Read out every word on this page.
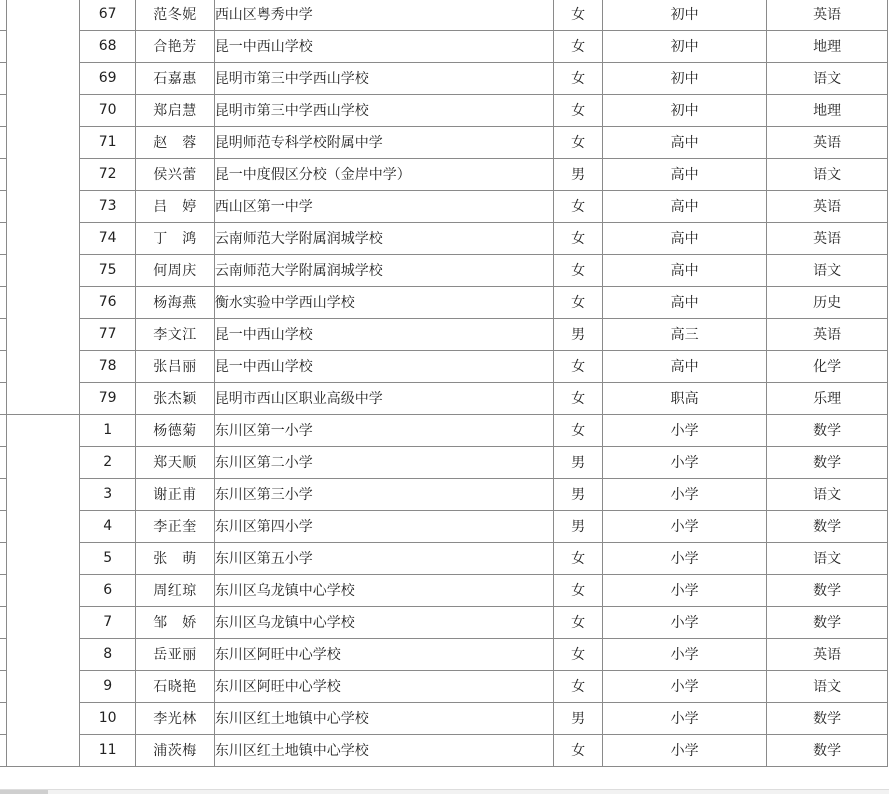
		67	范冬妮	西山区粤秀中学	女	初中	英语
		68	合艳芳	昆一中西山学校	女	初中	地理
		69	石嘉惠	昆明市第三中学西山学校	女	初中	语文
		70	郑启慧	昆明市第三中学西山学校	女	初中	地理
		71	赵　蓉	昆明师范专科学校附属中学	女	高中	英语
		72	侯兴蕾	昆一中度假区分校（金岸中学）	男	高中	语文
		73	吕　婷	西山区第一中学	女	高中	英语
		74	丁　鸿	云南师范大学附属润城学校	女	高中	英语
		75	何周庆	云南师范大学附属润城学校	女	高中	语文
		76	杨海燕	衡水实验中学西山学校	女	高中	历史
		77	李文江	昆一中西山学校	男	高三	英语
		78	张吕丽	昆一中西山学校	女	高中	化学
		79	张杰颖	昆明市西山区职业高级中学	女	职高	乐理
		1	杨德菊	东川区第一小学	女	小学	数学
		2	郑天顺	东川区第二小学	男	小学	数学
		3	谢正甫	东川区第三小学	男	小学	语文
		4	李正奎	东川区第四小学	男	小学	数学
		5	张　萌	东川区第五小学	女	小学	语文
		6	周红琼	东川区乌龙镇中心学校	女	小学	数学
		7	邹　娇	东川区乌龙镇中心学校	女	小学	数学
		8	岳亚丽	东川区阿旺中心学校	女	小学	英语
		9	石晓艳	东川区阿旺中心学校	女	小学	语文
		10	李光林	东川区红土地镇中心学校	男	小学	数学
		11	浦茨梅	东川区红土地镇中心学校	女	小学	数学
